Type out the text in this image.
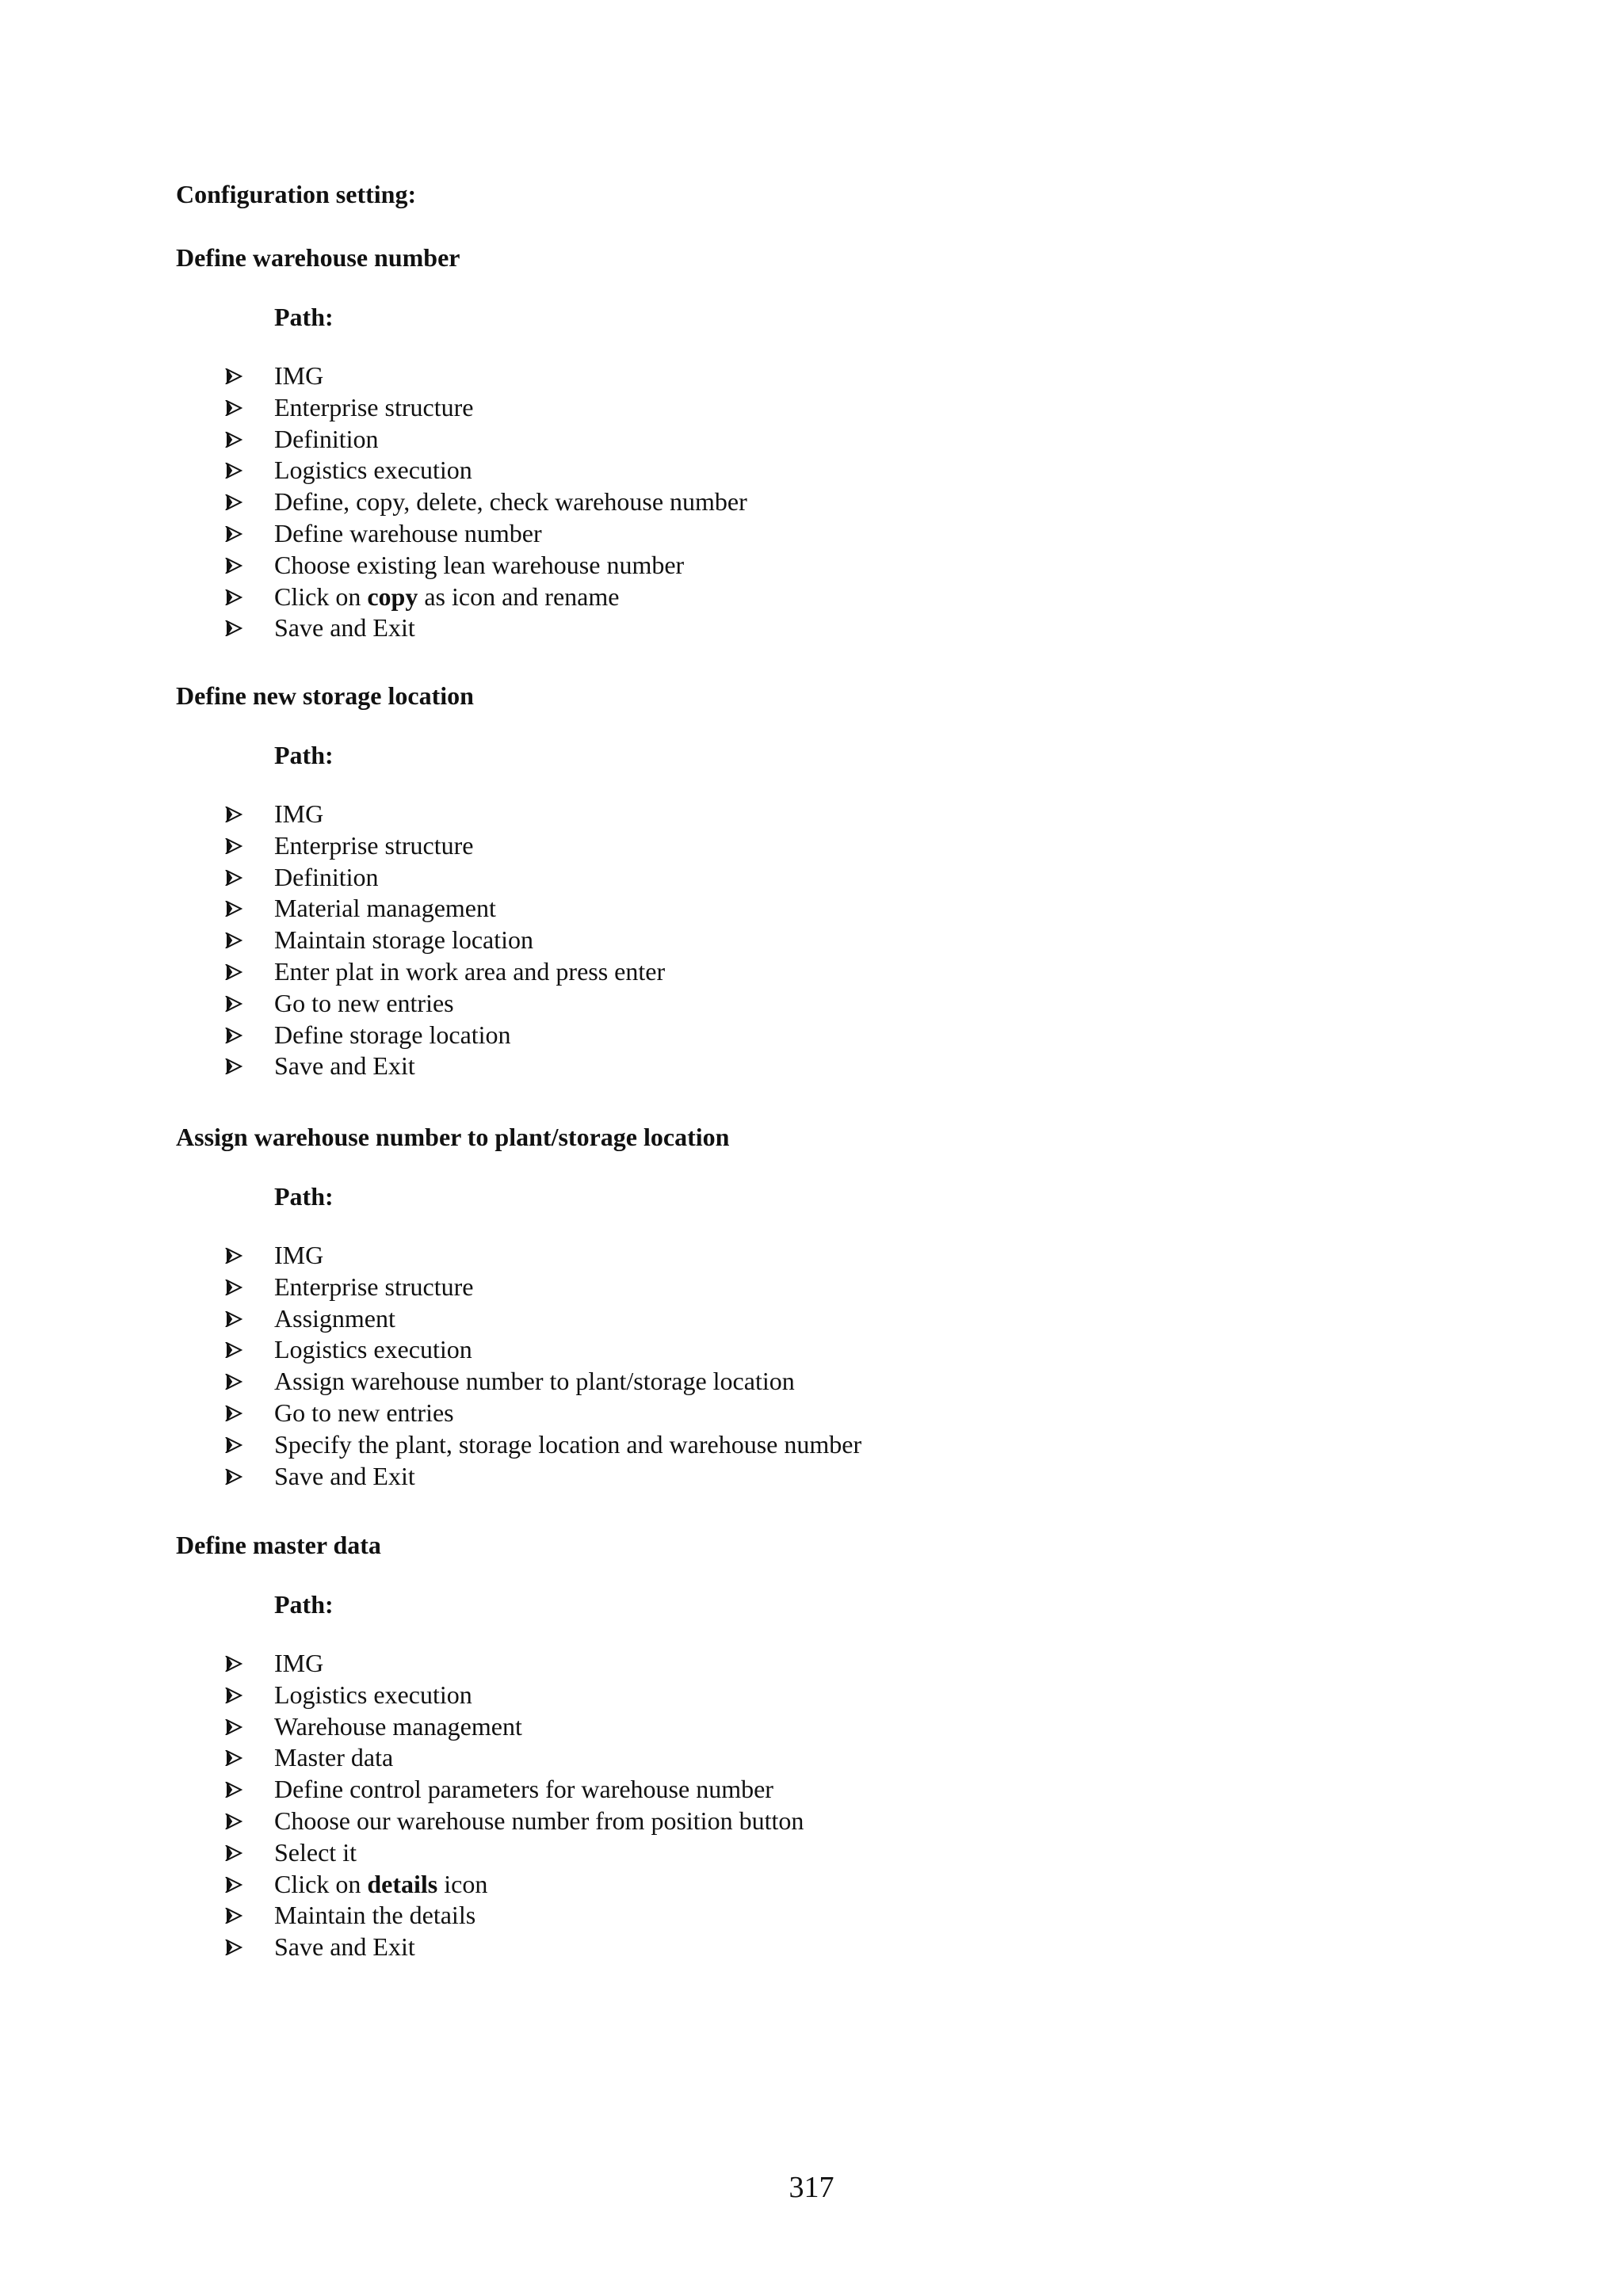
Configuration setting:
Define warehouse number
Path:
IMG
Enterprise structure
Definition
Logistics execution
Define, copy, delete, check warehouse number
Define warehouse number
Choose existing lean warehouse number
Click on copy as icon and rename
Save and Exit
Define new storage location
Path:
IMG
Enterprise structure
Definition
Material management
Maintain storage location
Enter plat in work area and press enter
Go to new entries
Define storage location
Save and Exit
Assign warehouse number to plant/storage location
Path:
IMG
Enterprise structure
Assignment
Logistics execution
Assign warehouse number to plant/storage location
Go to new entries
Specify the plant, storage location and warehouse number
Save and Exit
Define master data
Path:
IMG
Logistics execution
Warehouse management
Master data
Define control parameters for warehouse number
Choose our warehouse number from position button
Select it
Click on details icon
Maintain the details
Save and Exit
317
